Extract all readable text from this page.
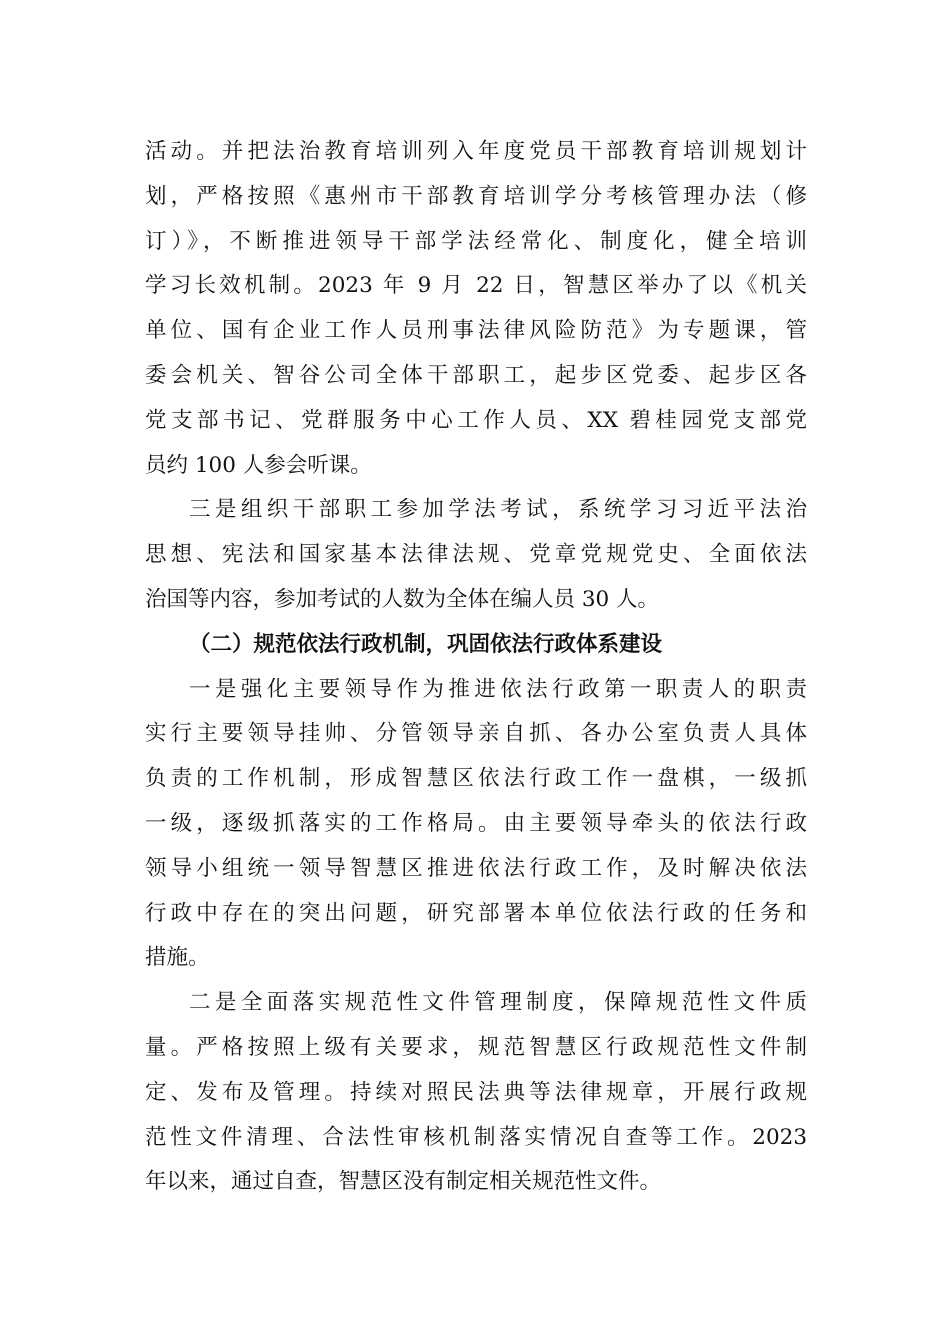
活动。并把法治教育培训列入年度党员干部教育培训规划计
划，严格按照《惠州市干部教育培训学分考核管理办法（修
订）》，不断推进领导干部学法经常化、制度化，健全培训
学习长效机制。2023 年 9 月 22 日，智慧区举办了以《机关
单位、国有企业工作人员刑事法律风险防范》为专题课，管
委会机关、智谷公司全体干部职工，起步区党委、起步区各
党支部书记、党群服务中心工作人员、XX 碧桂园党支部党
员约 100 人参会听课。
三是组织干部职工参加学法考试，系统学习习近平法治
思想、宪法和国家基本法律法规、党章党规党史、全面依法
治国等内容，参加考试的人数为全体在编人员 30 人。
（二）规范依法行政机制，巩固依法行政体系建设
一是强化主要领导作为推进依法行政第一职责人的职责
实行主要领导挂帅、分管领导亲自抓、各办公室负责人具体
负责的工作机制，形成智慧区依法行政工作一盘棋，一级抓
一级，逐级抓落实的工作格局。由主要领导牵头的依法行政
领导小组统一领导智慧区推进依法行政工作，及时解决依法
行政中存在的突出问题，研究部署本单位依法行政的任务和
措施。
二是全面落实规范性文件管理制度，保障规范性文件质
量。严格按照上级有关要求，规范智慧区行政规范性文件制
定、发布及管理。持续对照民法典等法律规章，开展行政规
范性文件清理、合法性审核机制落实情况自查等工作。2023
年以来，通过自查，智慧区没有制定相关规范性文件。
